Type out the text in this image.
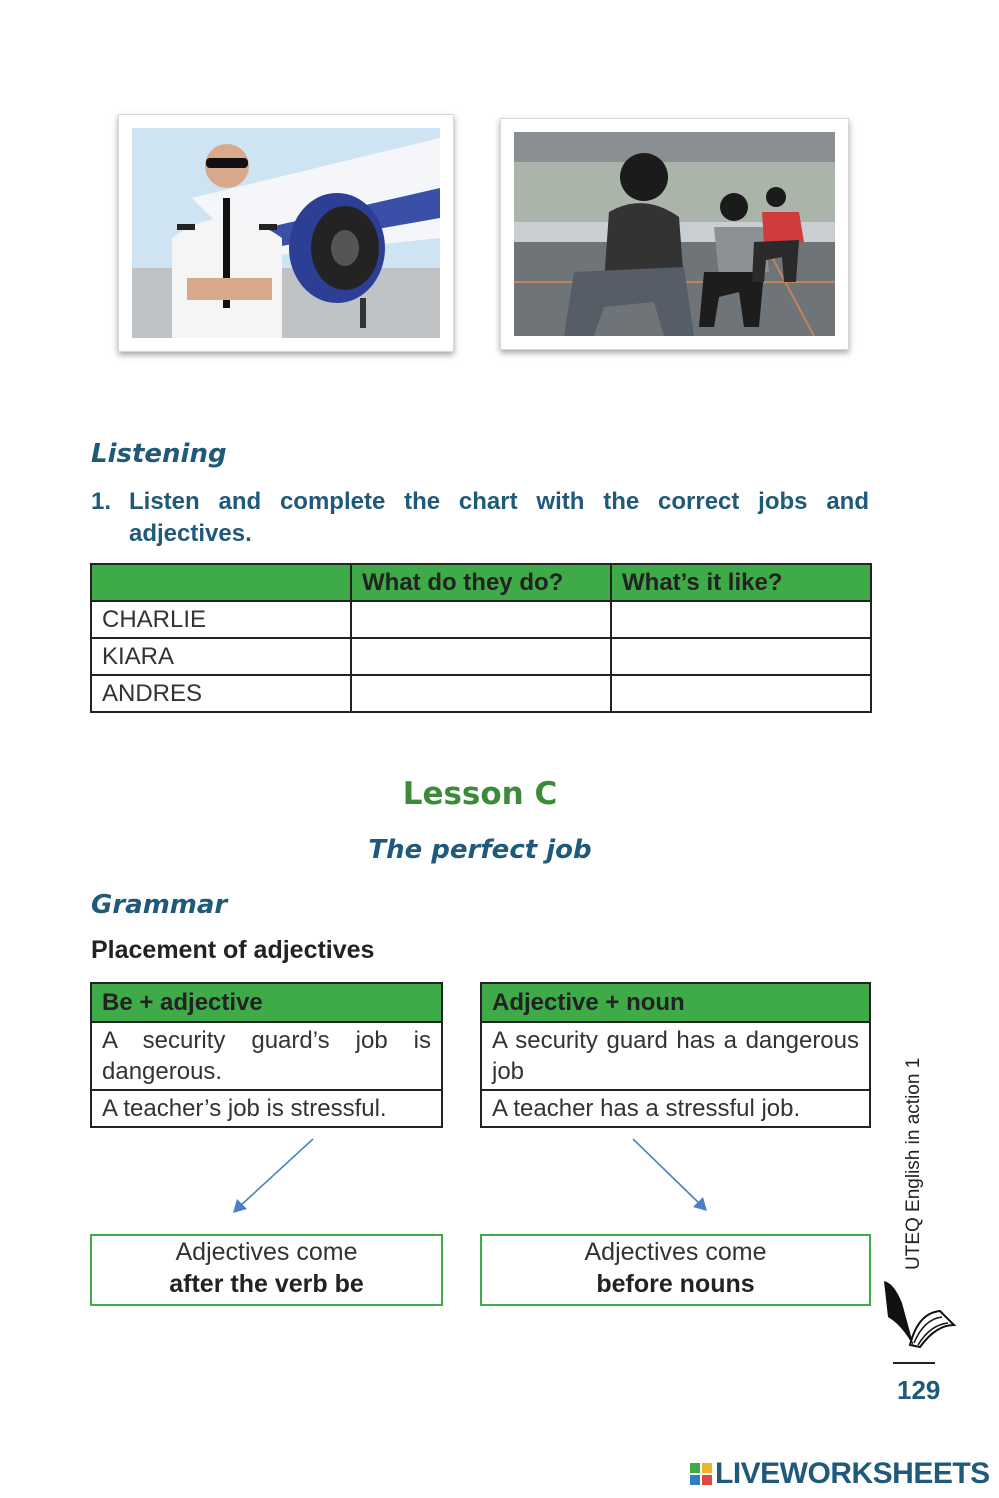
Listening
1. Listen and complete the chart with the correct jobs and adjectives.
	What do they do?	What’s it like?
CHARLIE		
KIARA		
ANDRES		
Lesson C
The perfect job
Grammar
Placement of adjectives
Be + adjective
A security guard’s job is dangerous.
A teacher’s job is stressful.
Adjective + noun
A security guard has a dangerous job
A teacher has a stressful job.
Adjectives come
after the verb be
Adjectives come
before nouns
UTEQ English in action 1
129
LIVEWORKSHEETS
